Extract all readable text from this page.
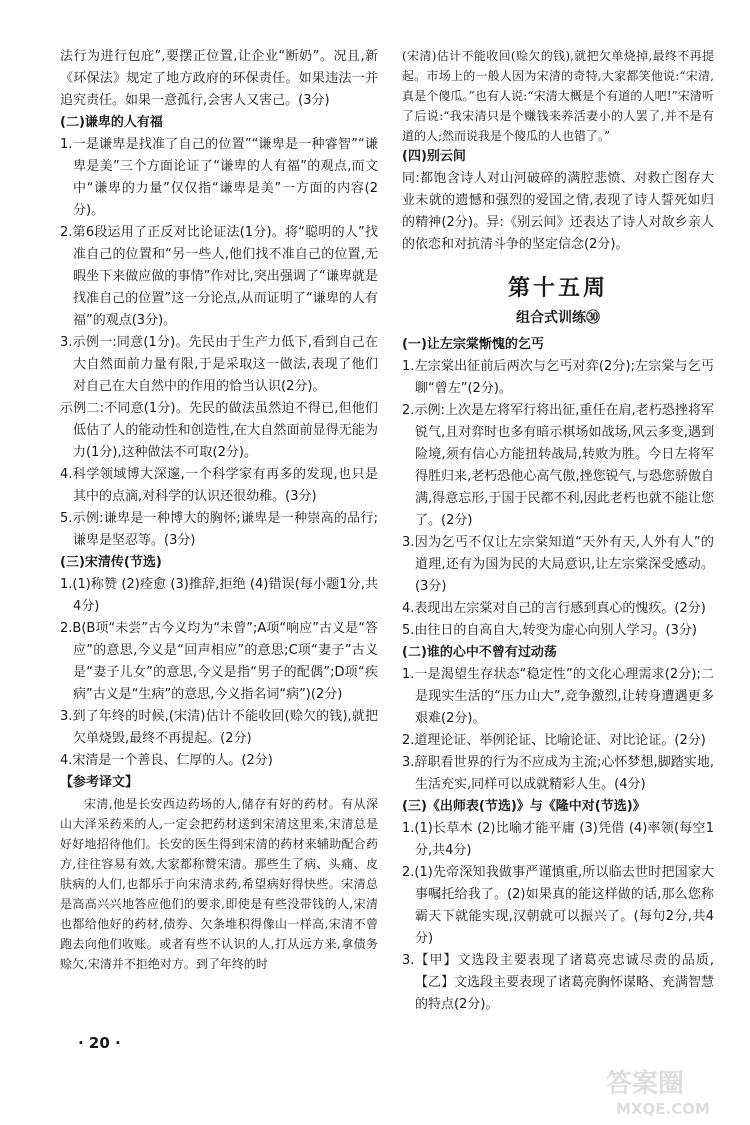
法行为进行包庇”,要摆正位置,让企业“断奶”。况且,新《环保法》规定了地方政府的环保责任。如果违法一并追究责任。如果一意孤行,会害人又害己。(3分)

(二)谦卑的人有福

1.一是谦卑是找准了自己的位置”“谦卑是一种睿智”“谦卑是美”三个方面论证了“谦卑的人有福”的观点,而文中“谦卑的力量”仅仅指“谦卑是美”一方面的内容(2分)。

2.第6段运用了正反对比论证法(1分)。将“聪明的人”找准自己的位置和“另一些人,他们找不准自己的位置,无暇坐下来做应做的事情”作对比,突出强调了“谦卑就是找准自己的位置”这一分论点,从而证明了“谦卑的人有福”的观点(3分)。

3.示例一:同意(1分)。先民由于生产力低下,看到自己在大自然面前力量有限,于是采取这一做法,表现了他们对自己在大自然中的作用的恰当认识(2分)。

示例二:不同意(1分)。先民的做法虽然迫不得已,但他们低估了人的能动性和创造性,在大自然面前显得无能为力(1分),这种做法不可取(2分)。

4.科学领域博大深邃,一个科学家有再多的发现,也只是其中的点滴,对科学的认识还很幼稚。(3分)

5.示例:谦卑是一种博大的胸怀;谦卑是一种崇高的品行;谦卑是坚忍等。(3分)

(三)宋清传(节选)

1.(1)称赞 (2)痊愈 (3)推辞,拒绝 (4)错误(每小题1分,共4分)

2.B(B项“未尝”古今义均为“未曾”;A项“响应”古义是“答应”的意思,今义是“回声相应”的意思;C项“妻子”古义是“妻子儿女”的意思,今义是指“男子的配偶”;D项“疾病”古义是“生病”的意思,今义指名词“病”)(2分)

3.到了年终的时候,(宋清)估计不能收回(赊欠的钱),就把欠单烧毁,最终不再提起。(2分)

4.宋清是一个善良、仁厚的人。(2分)

【参考译文】

宋清,他是长安西边药场的人,储存有好的药材。有从深山大泽采药来的人,一定会把药材送到宋清这里来,宋清总是好好地招待他们。长安的医生得到宋清的药材来辅助配合药方,往往容易有效,大家都称赞宋清。那些生了病、头痛、皮肤病的人们,也都乐于向宋清求药,希望病好得快些。宋清总是高高兴兴地答应他们的要求,即使是有些没带钱的人,宋清也都给他好的药材,债券、欠条堆积得像山一样高,宋清不曾跑去向他们收账。或者有些不认识的人,打从远方来,拿债务赊欠,宋清并不拒绝对方。到了年终的时

(宋清)估计不能收回(赊欠的钱),就把欠单烧掉,最终不再提起。市场上的一般人因为宋清的奇特,大家都笑他说:“宋清,真是个傻瓜。”也有人说:“宋清大概是个有道的人吧!”宋清听了后说:“我宋清只是个赚钱来养活妻小的人罢了,并不是有道的人;然而说我是个傻瓜的人也错了。”

(四)别云间

同:都饱含诗人对山河破碎的满腔悲愤、对救亡图存大业未就的遗憾和强烈的爱国之情,表现了诗人誓死如归的精神(2分)。异:《别云间》还表达了诗人对故乡亲人的依恋和对抗清斗争的坚定信念(2分)。

第十五周
组合式训练㉚
(一)让左宗棠惭愧的乞丐

1.左宗棠出征前后两次与乞丐对弈(2分);左宗棠与乞丐聊“曾左”(2分)。

2.示例:上次是左将军行将出征,重任在肩,老朽恐挫将军锐气,且对弈时也多有暗示棋场如战场,风云多变,遇到险境,须有信心方能扭转战局,转败为胜。今日左将军得胜归来,老朽恐他心高气傲,挫您锐气,与恐您骄傲自满,得意忘形,于国于民都不利,因此老朽也就不能让您了。(2分)

3.因为乞丐不仅让左宗棠知道“天外有天,人外有人”的道理,还有为国为民的大局意识,让左宗棠深受感动。(3分)

4.表现出左宗棠对自己的言行感到真心的愧疚。(2分)

5.由往日的自高自大,转变为虚心向别人学习。(3分)

(二)谁的心中不曾有过动荡

1.一是渴望生存状态“稳定性”的文化心理需求(2分);二是现实生活的“压力山大”,竞争激烈,让转身遭遇更多艰难(2分)。

2.道理论证、举例论证、比喻论证、对比论证。(2分)

3.辞职看世界的行为不应成为主流;心怀梦想,脚踏实地,生活充实,同样可以成就精彩人生。(4分)

(三)《出师表(节选)》与《隆中对(节选)》

1.(1)长草木 (2)比喻才能平庸 (3)凭借 (4)率领(每空1分,共4分)

2.(1)先帝深知我做事严谨慎重,所以临去世时把国家大事嘱托给我了。(2)如果真的能这样做的话,那么您称霸天下就能实现,汉朝就可以振兴了。(每句2分,共4分)

3.【甲】文选段主要表现了诸葛亮忠诚尽责的品质,【乙】文选段主要表现了诸葛亮胸怀谋略、充满智慧的特点(2分)。

· 20 ·
答案圈
MXQE.COM
